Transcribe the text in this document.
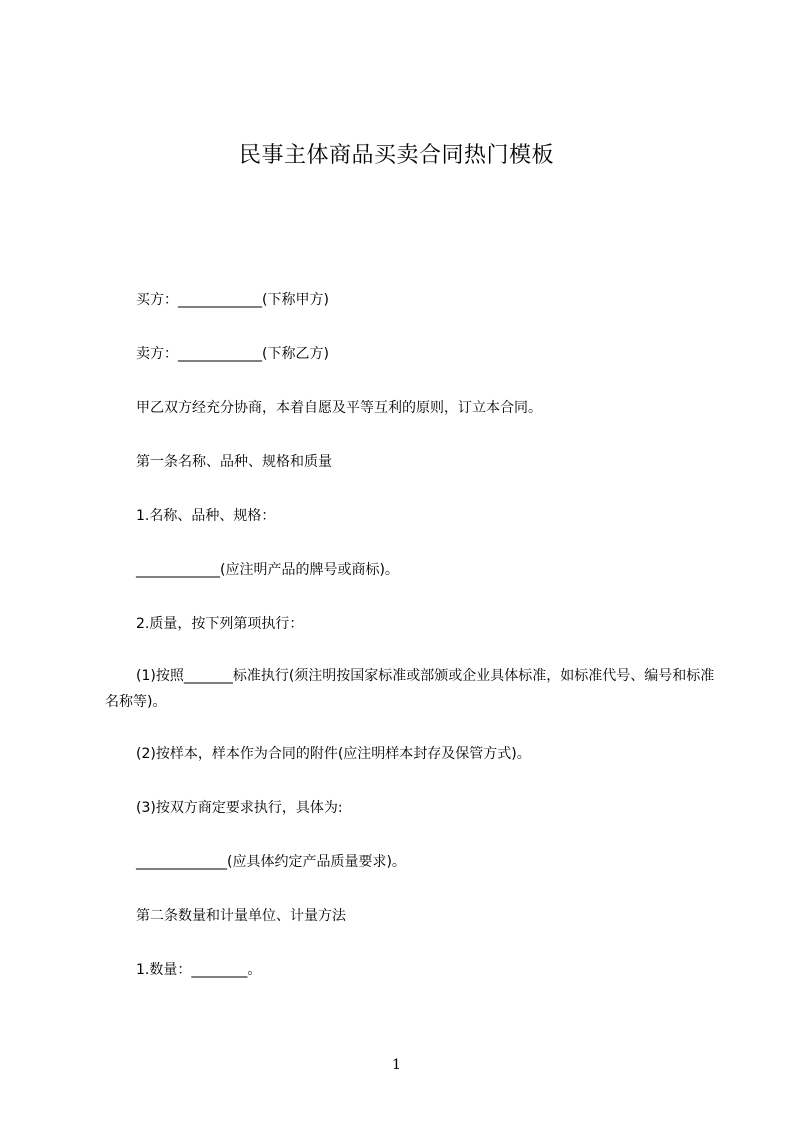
民事主体商品买卖合同热门模板
买方：____________(下称甲方)
卖方：____________(下称乙方)
甲乙双方经充分协商，本着自愿及平等互利的原则，订立本合同。
第一条名称、品种、规格和质量
1.名称、品种、规格：
____________(应注明产品的牌号或商标)。
2.质量，按下列第项执行：
(1)按照_______标准执行(须注明按国家标准或部颁或企业具体标准，如标准代号、编号和标准名称等)。
(2)按样本，样本作为合同的附件(应注明样本封存及保管方式)。
(3)按双方商定要求执行，具体为:
_____________(应具体约定产品质量要求)。
第二条数量和计量单位、计量方法
1.数量：________。
1
